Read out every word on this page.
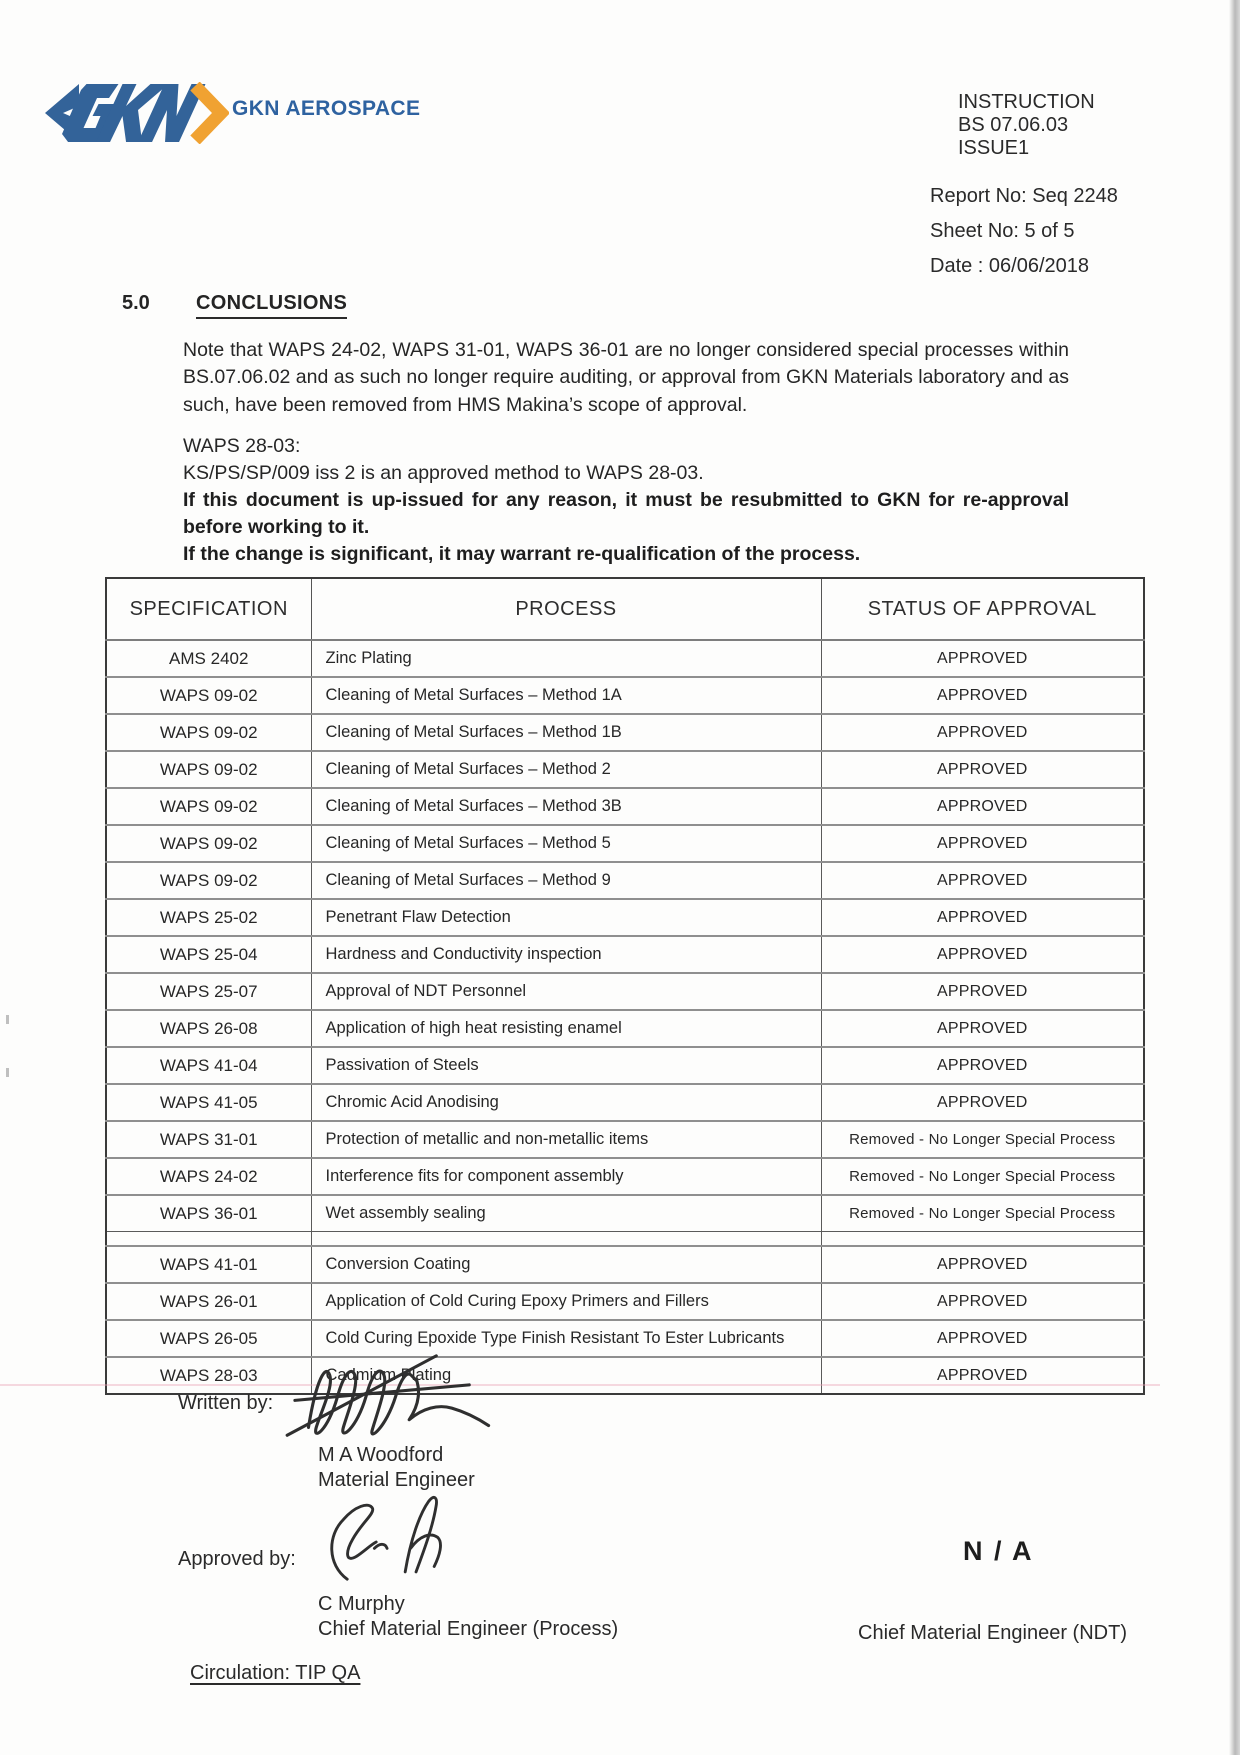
GKN AEROSPACE	INSTRUCTION
BS 07.06.03
ISSUE1
Report No: Seq 2248
Sheet No: 5 of 5
Date : 06/06/2018
5.0 CONCLUSIONS
Note that WAPS 24-02, WAPS 31-01, WAPS 36-01 are no longer considered special processes within BS.07.06.02 and as such no longer require auditing, or approval from GKN Materials laboratory and as such, have been removed from HMS Makina’s scope of approval.
WAPS 28-03:
KS/PS/SP/009 iss 2 is an approved method to WAPS 28-03.
If this document is up-issued for any reason, it must be resubmitted to GKN for re-approval before working to it.
If the change is significant, it may warrant re-qualification of the process.
SPECIFICATION	PROCESS	STATUS OF APPROVAL
AMS 2402	Zinc Plating	APPROVED
WAPS 09-02	Cleaning of Metal Surfaces – Method 1A	APPROVED
WAPS 09-02	Cleaning of Metal Surfaces – Method 1B	APPROVED
WAPS 09-02	Cleaning of Metal Surfaces – Method 2	APPROVED
WAPS 09-02	Cleaning of Metal Surfaces – Method 3B	APPROVED
WAPS 09-02	Cleaning of Metal Surfaces – Method 5	APPROVED
WAPS 09-02	Cleaning of Metal Surfaces – Method 9	APPROVED
WAPS 25-02	Penetrant Flaw Detection	APPROVED
WAPS 25-04	Hardness and Conductivity inspection	APPROVED
WAPS 25-07	Approval of NDT Personnel	APPROVED
WAPS 26-08	Application of high heat resisting enamel	APPROVED
WAPS 41-04	Passivation of Steels	APPROVED
WAPS 41-05	Chromic Acid Anodising	APPROVED
WAPS 31-01	Protection of metallic and non-metallic items	Removed - No Longer Special Process
WAPS 24-02	Interference fits for component assembly	Removed - No Longer Special Process
WAPS 36-01	Wet assembly sealing	Removed - No Longer Special Process

WAPS 41-01	Conversion Coating	APPROVED
WAPS 26-01	Application of Cold Curing Epoxy Primers and Fillers	APPROVED
WAPS 26-05	Cold Curing Epoxide Type Finish Resistant To Ester Lubricants	APPROVED
WAPS 28-03	Cadmium Plating	APPROVED
Written by:
M A Woodford
Material Engineer
Approved by:
C Murphy
Chief Material Engineer (Process)
N / A
Chief Material Engineer (NDT)
Circulation: TIP QA
